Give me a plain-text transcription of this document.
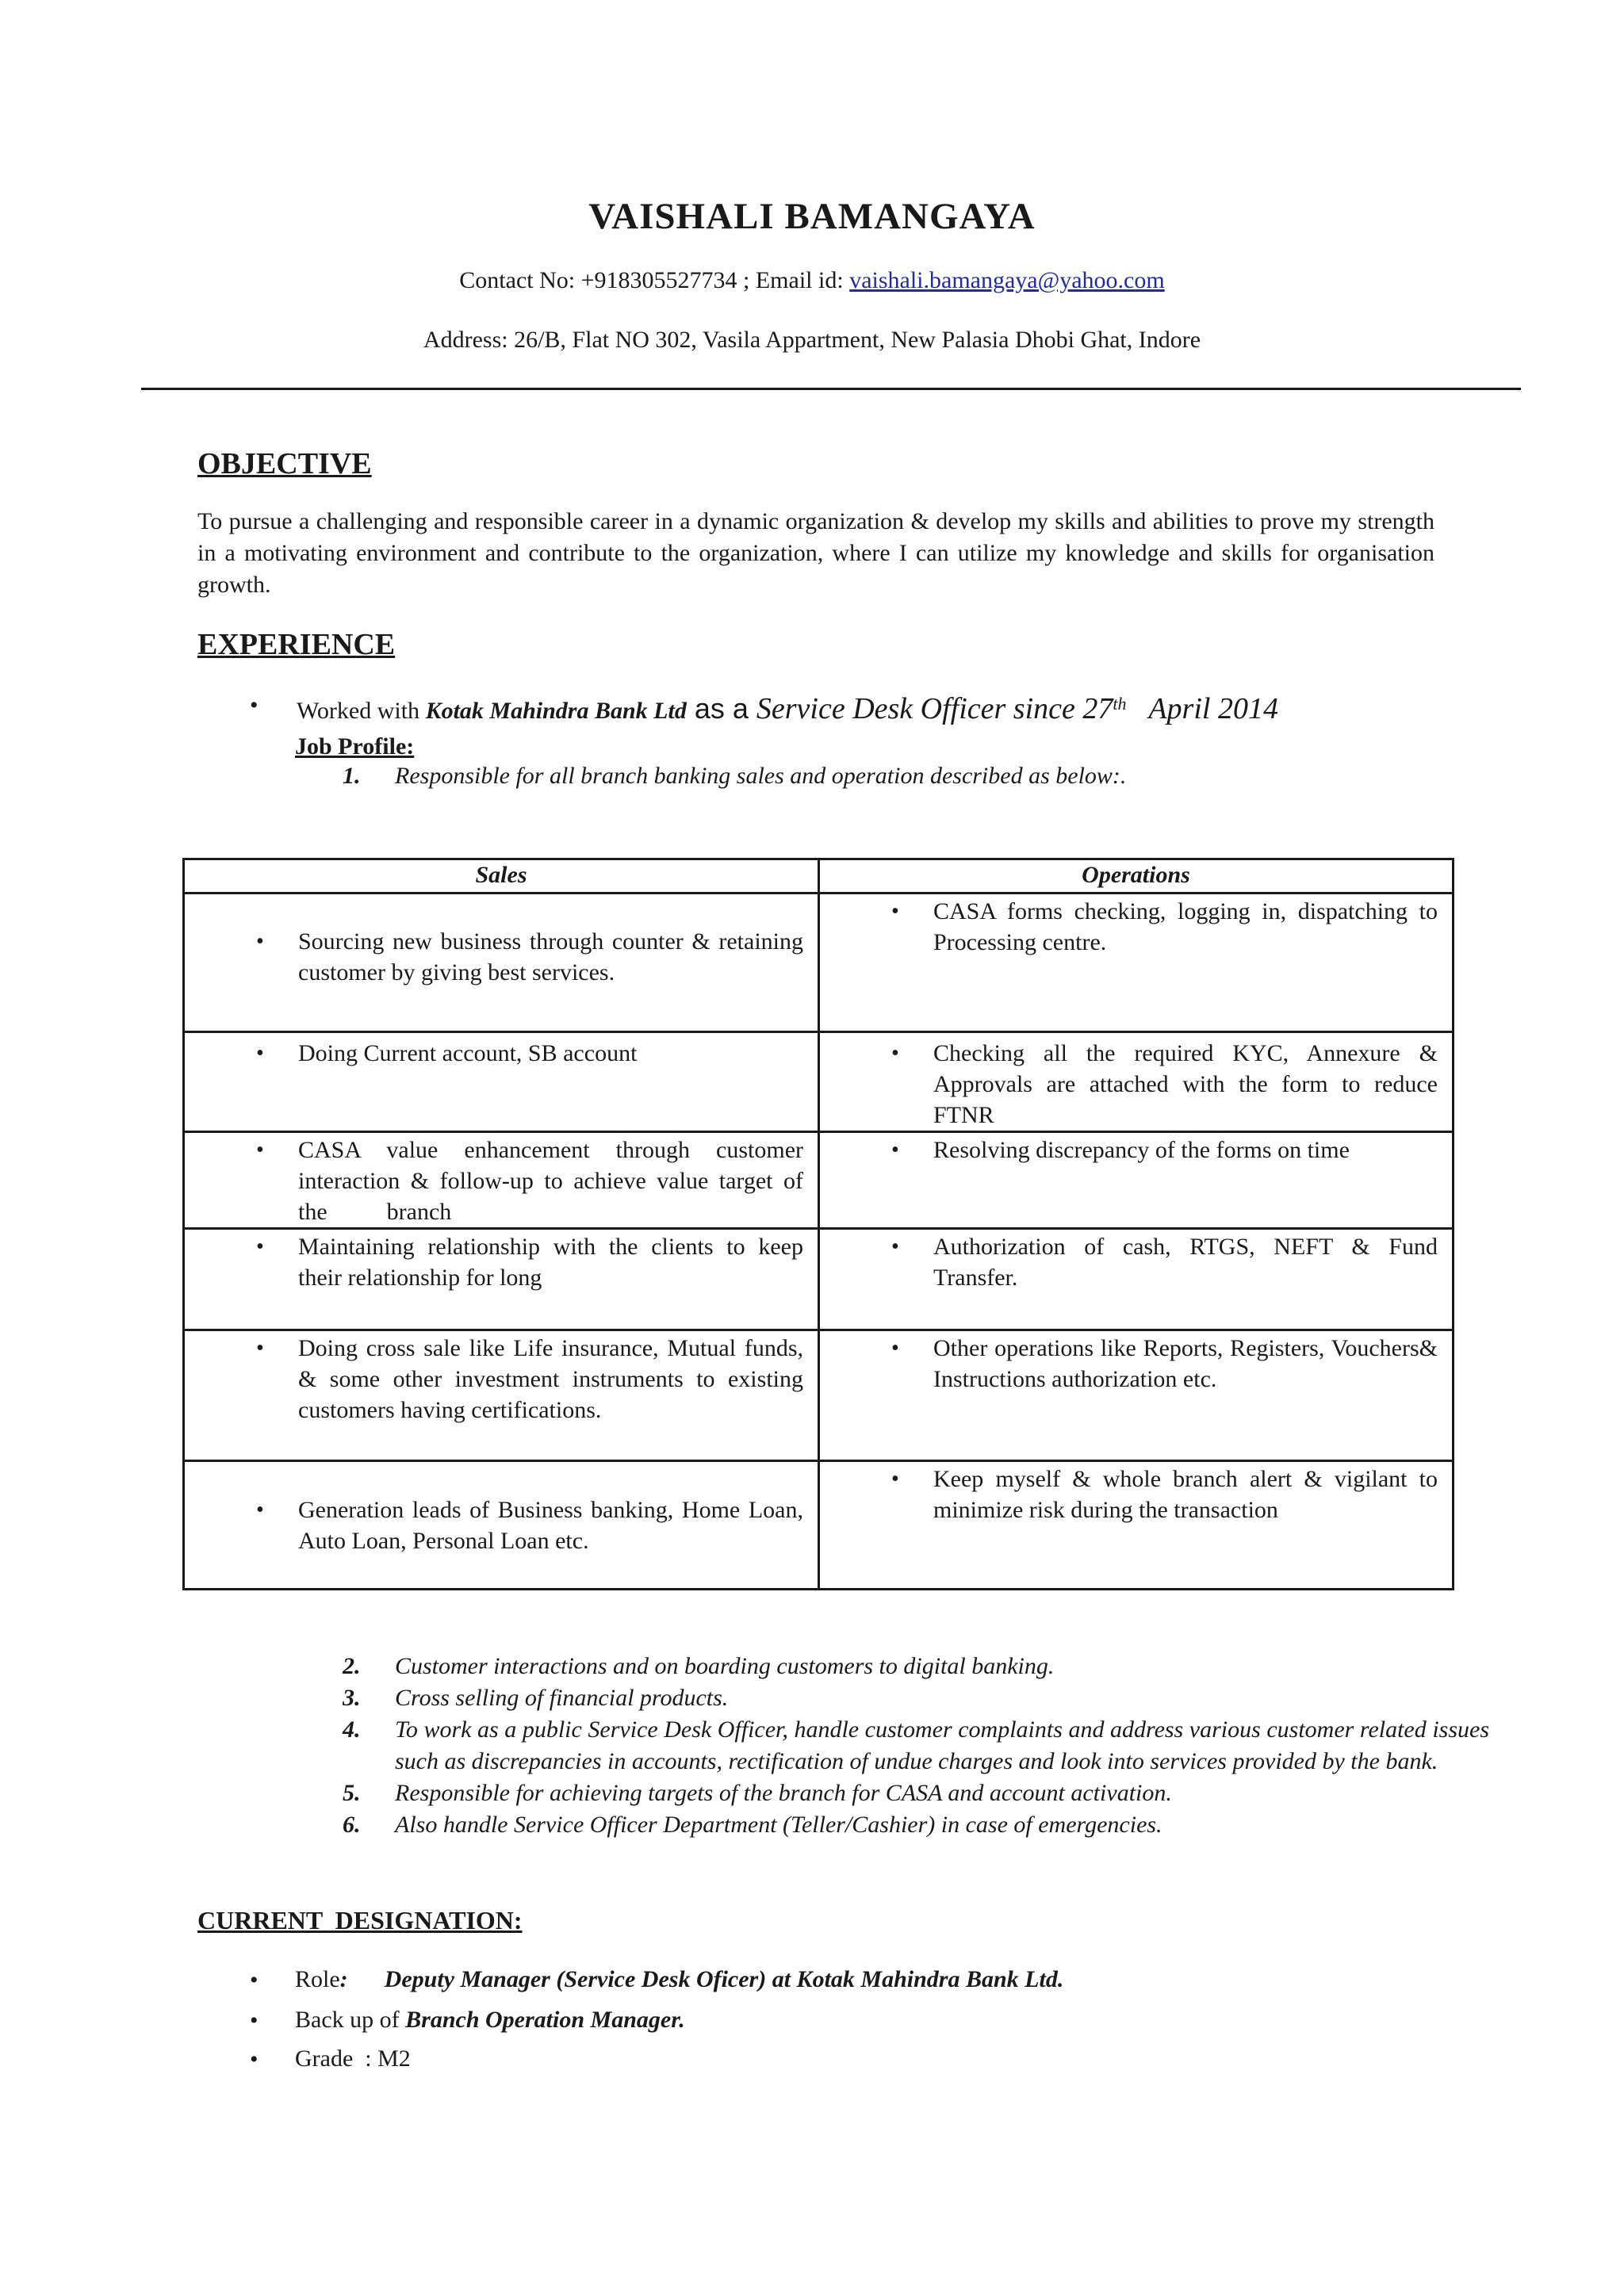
VAISHALI BAMANGAYA
Contact No: +918305527734 ; Email id: vaishali.bamangaya@yahoo.com
Address: 26/B, Flat NO 302, Vasila Appartment, New Palasia Dhobi Ghat, Indore
OBJECTIVE
To pursue a challenging and responsible career in a dynamic organization & develop my skills and abilities to prove my strength in a motivating environment and contribute to the organization, where I can utilize my knowledge and skills for organisation growth.
EXPERIENCE
• Worked with Kotak Mahindra Bank Ltd as a Service Desk Officer since 27th   April 2014
Job Profile:
1. Responsible for all branch banking sales and operation described as below:.
Sales	Operations

• Sourcing new business through counter & retaining customer by giving best services.	• CASA forms checking, logging in, dispatching to Processing centre.

• Doing Current account, SB account	• Checking all the required KYC, Annexure & Approvals are attached with the form to reduce FTNR

• CASA value enhancement through customer interaction & follow-up to achieve value target of the          branch	• Resolving discrepancy of the forms on time

• Maintaining relationship with the clients to keep their relationship for long	• Authorization of cash, RTGS, NEFT & Fund Transfer.

• Doing cross sale like Life insurance, Mutual funds, & some other investment instruments to existing customers having certifications.	• Other operations like Reports, Registers, Vouchers& Instructions authorization etc.

• Generation leads of Business banking, Home Loan, Auto Loan, Personal Loan etc.	• Keep myself & whole branch alert & vigilant to minimize risk during the transaction
2. Customer interactions and on boarding customers to digital banking.
3. Cross selling of financial products.
4. To work as a public Service Desk Officer, handle customer complaints and address various customer related issues such as discrepancies in accounts, rectification of undue charges and look into services provided by the bank.
5. Responsible for achieving targets of the branch for CASA and account activation.
6. Also handle Service Officer Department (Teller/Cashier) in case of emergencies.
CURRENT  DESIGNATION:
• Role: Deputy Manager (Service Desk Oficer) at Kotak Mahindra Bank Ltd.
• Back up of Branch Operation Manager.
• Grade  : M2
